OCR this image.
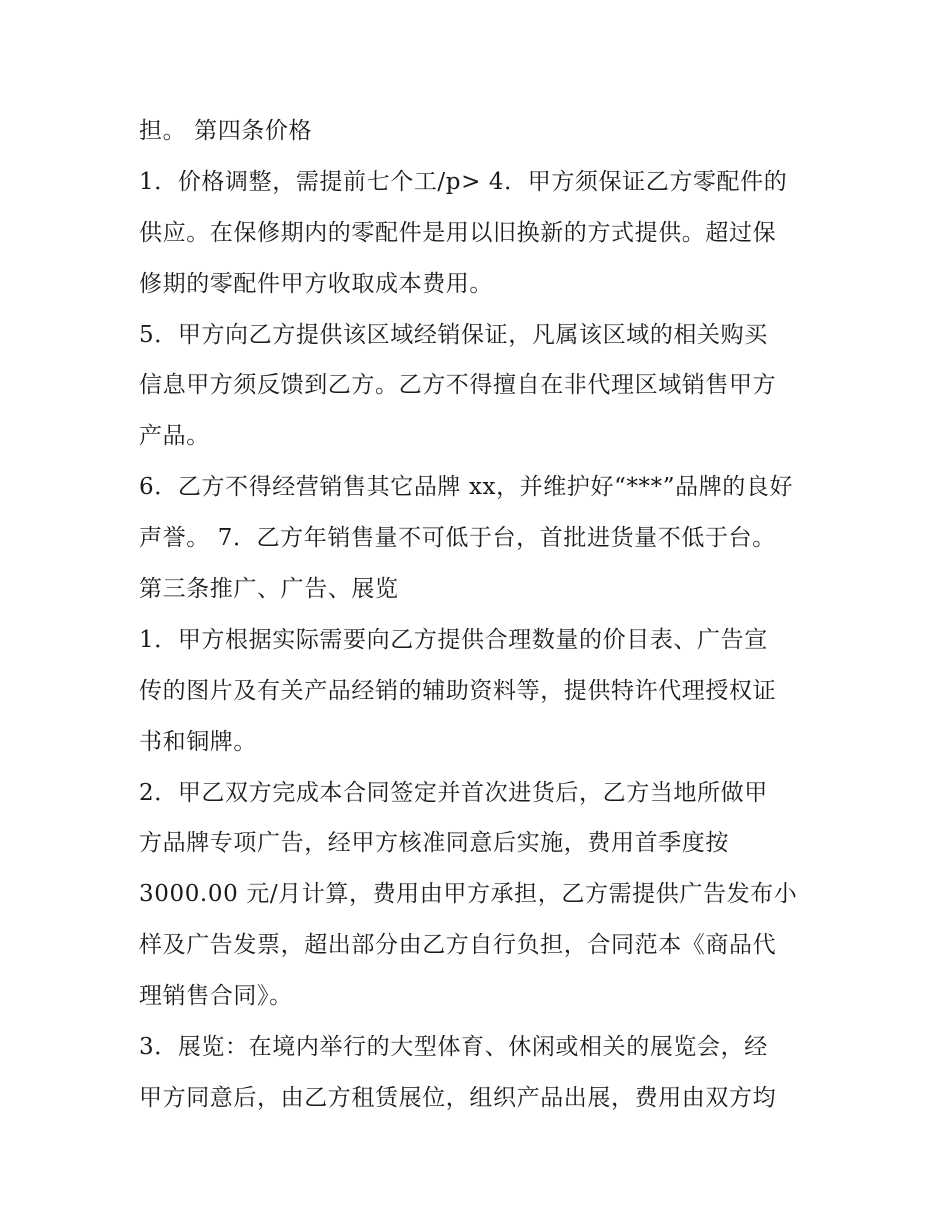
担。 第四条价格
1．价格调整，需提前七个工/p> 4．甲方须保证乙方零配件的
供应。在保修期内的零配件是用以旧换新的方式提供。超过保
修期的零配件甲方收取成本费用。
5．甲方向乙方提供该区域经销保证，凡属该区域的相关购买
信息甲方须反馈到乙方。乙方不得擅自在非代理区域销售甲方
产品。
6．乙方不得经营销售其它品牌 xx，并维护好“***”品牌的良好
声誉。 7．乙方年销售量不可低于台，首批进货量不低于台。
第三条推广、广告、展览
1．甲方根据实际需要向乙方提供合理数量的价目表、广告宣
传的图片及有关产品经销的辅助资料等，提供特许代理授权证
书和铜牌。
2．甲乙双方完成本合同签定并首次进货后，乙方当地所做甲
方品牌专项广告，经甲方核准同意后实施，费用首季度按
3000.00 元/月计算，费用由甲方承担，乙方需提供广告发布小
样及广告发票，超出部分由乙方自行负担，合同范本《商品代
理销售合同》。
3．展览：在境内举行的大型体育、休闲或相关的展览会，经
甲方同意后，由乙方租赁展位，组织产品出展，费用由双方均
